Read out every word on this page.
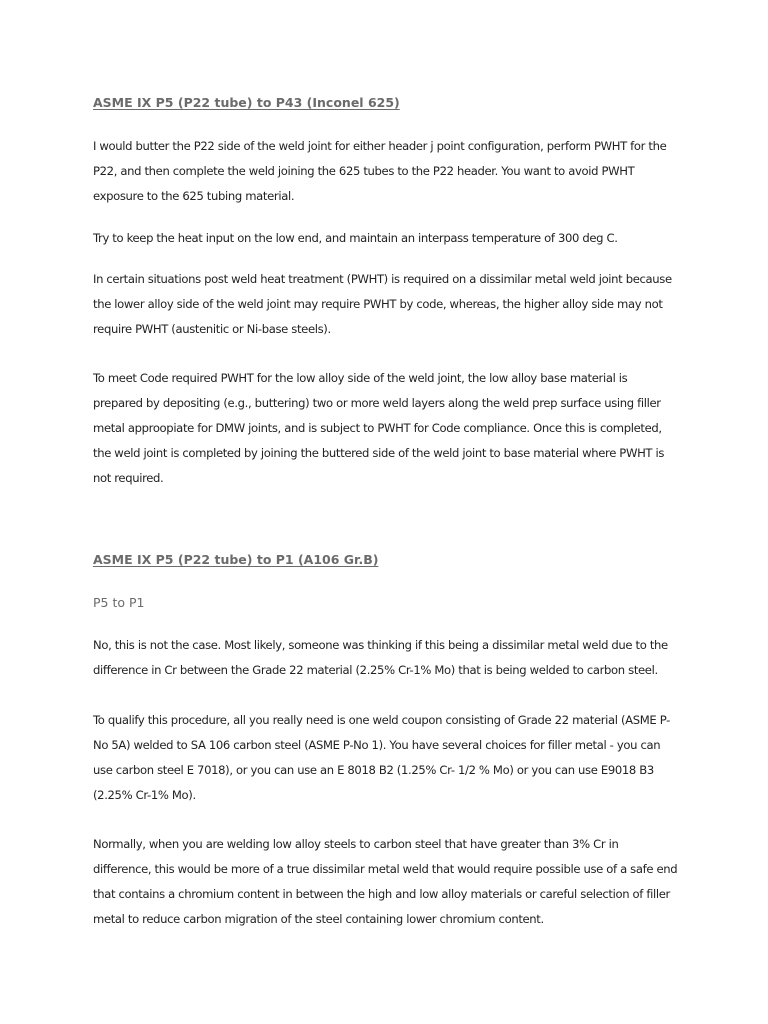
ASME IX P5 (P22 tube) to P43 (Inconel 625)

I would butter the P22 side of the weld joint for either header j point configuration, perform PWHT for the
P22, and then complete the weld joining the 625 tubes to the P22 header. You want to avoid PWHT
exposure to the 625 tubing material.

Try to keep the heat input on the low end, and maintain an interpass temperature of 300 deg C.

In certain situations post weld heat treatment (PWHT) is required on a dissimilar metal weld joint because
the lower alloy side of the weld joint may require PWHT by code, whereas, the higher alloy side may not
require PWHT (austenitic or Ni-base steels).

To meet Code required PWHT for the low alloy side of the weld joint, the low alloy base material is
prepared by depositing (e.g., buttering) two or more weld layers along the weld prep surface using filler
metal approopiate for DMW joints, and is subject to PWHT for Code compliance. Once this is completed,
the weld joint is completed by joining the buttered side of the weld joint to base material where PWHT is
not required.

ASME IX P5 (P22 tube) to P1 (A106 Gr.B)

P5 to P1

No, this is not the case. Most likely, someone was thinking if this being a dissimilar metal weld due to the
difference in Cr between the Grade 22 material (2.25% Cr-1% Mo) that is being welded to carbon steel.

To qualify this procedure, all you really need is one weld coupon consisting of Grade 22 material (ASME P-
No 5A) welded to SA 106 carbon steel (ASME P-No 1). You have several choices for filler metal - you can
use carbon steel E 7018), or you can use an E 8018 B2 (1.25% Cr- 1/2 % Mo) or you can use E9018 B3
(2.25% Cr-1% Mo).

Normally, when you are welding low alloy steels to carbon steel that have greater than 3% Cr in
difference, this would be more of a true dissimilar metal weld that would require possible use of a safe end
that contains a chromium content in between the high and low alloy materials or careful selection of filler
metal to reduce carbon migration of the steel containing lower chromium content.
